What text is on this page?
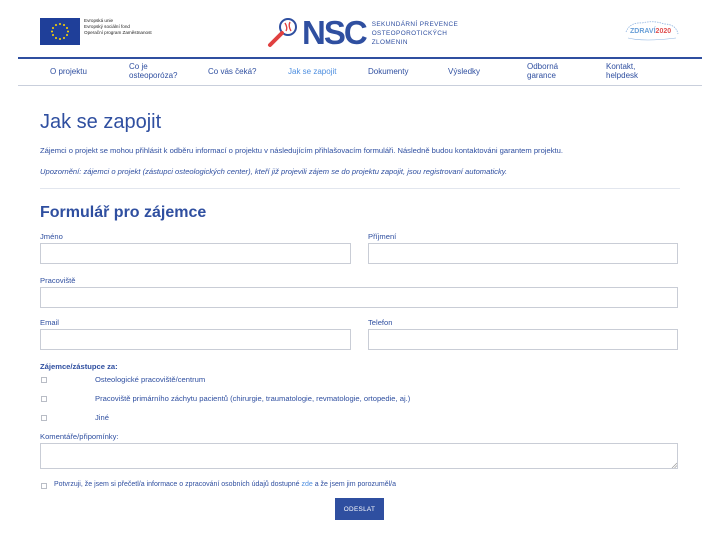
Evropská unie
Evropský sociální fond
Operační program Zaměstnanost	NSC SEKUNDÁRNÍ PREVENCE
OSTEOPOROTICKÝCH
ZLOMENIN
ZDRAVÍ2020
O projektu
Co je osteoporóza?	Co vás čeká?	Jak se zapojit	Dokumenty	Výsledky
Odborná garance
Kontakt, helpdesk
Jak se zapojit

Zájemci o projekt se mohou přihlásit k odběru informací o projektu v následujícím přihlašovacím formuláři. Následně budou kontaktováni garantem projektu.

Upozornění: zájemci o projekt (zástupci osteologických center), kteří již projevili zájem se do projektu zapojit, jsou registrovaní automaticky.

Formulář pro zájemce
Jméno	Příjmení
Pracoviště
Email	Telefon
Zájemce/zástupce za:
Osteologické pracoviště/centrum
Pracoviště primárního záchytu pacientů (chirurgie, traumatologie, revmatologie, ortopedie, aj.)
Jiné
Komentáře/připomínky:
Potvrzuji, že jsem si přečetl/a informace o zpracování osobních údajů dostupné zde a že jsem jim porozuměl/a
ODESLAT
